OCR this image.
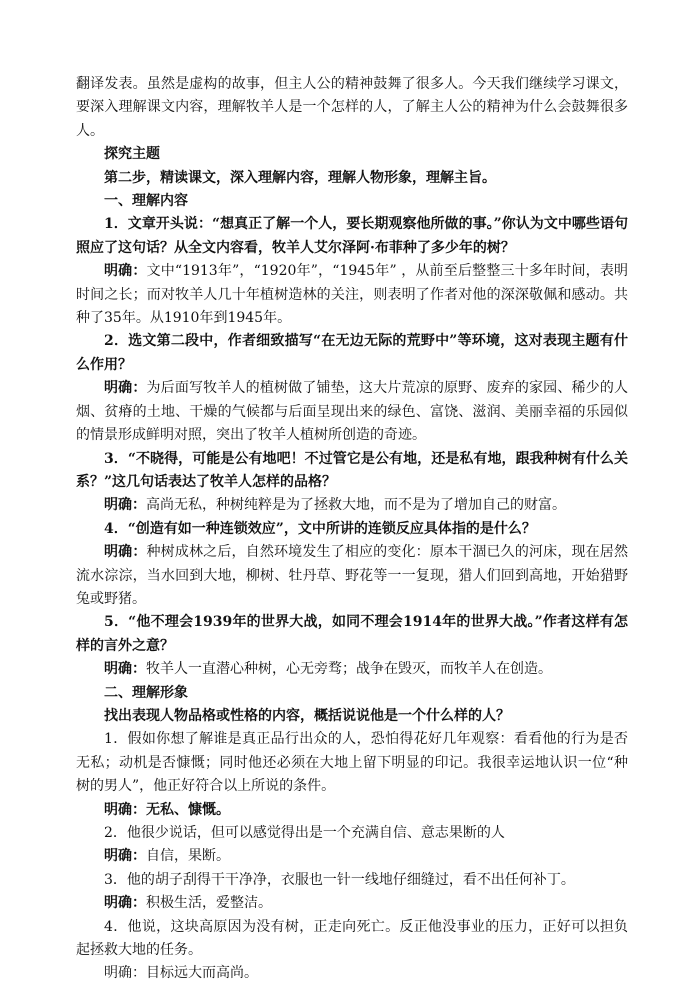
翻译发表。虽然是虚构的故事，但主人公的精神鼓舞了很多人。今天我们继续学习课文，要深入理解课文内容，理解牧羊人是一个怎样的人，了解主人公的精神为什么会鼓舞很多人。

探究主题

第二步，精读课文，深入理解内容，理解人物形象，理解主旨。

一、理解内容

1．文章开头说：“想真正了解一个人，要长期观察他所做的事。”你认为文中哪些语句照应了这句话？从全文内容看，牧羊人艾尔泽阿·布菲种了多少年的树？

明确：文中“1913年”，“1920年”，“1945年” ，从前至后整整三十多年时间，表明时间之长；而对牧羊人几十年植树造林的关注，则表明了作者对他的深深敬佩和感动。共种了35年。从1910年到1945年。

2．选文第二段中，作者细致描写“在无边无际的荒野中”等环境，这对表现主题有什么作用？

明确：为后面写牧羊人的植树做了铺垫，这大片荒凉的原野、废弃的家园、稀少的人烟、贫瘠的土地、干燥的气候都与后面呈现出来的绿色、富饶、滋润、美丽幸福的乐园似的情景形成鲜明对照，突出了牧羊人植树所创造的奇迹。

3．“不晓得，可能是公有地吧！不过管它是公有地，还是私有地，跟我种树有什么关系？”这几句话表达了牧羊人怎样的品格？

明确：高尚无私，种树纯粹是为了拯救大地，而不是为了增加自己的财富。

4．“创造有如一种连锁效应”，文中所讲的连锁反应具体指的是什么？

明确：种树成林之后，自然环境发生了相应的变化：原本干涸已久的河床，现在居然流水淙淙，当水回到大地，柳树、牡丹草、野花等一一复现，猎人们回到高地，开始猎野兔或野猪。

5．“他不理会1939年的世界大战，如同不理会1914年的世界大战。”作者这样有怎样的言外之意？

明确：牧羊人一直潜心种树，心无旁骛；战争在毁灭，而牧羊人在创造。

二、理解形象

找出表现人物品格或性格的内容，概括说说他是一个什么样的人？

1．假如你想了解谁是真正品行出众的人，恐怕得花好几年观察：看看他的行为是否无私；动机是否慷慨；同时他还必须在大地上留下明显的印记。我很幸运地认识一位“种树的男人”，他正好符合以上所说的条件。

明确：无私、慷慨。

2．他很少说话，但可以感觉得出是一个充满自信、意志果断的人

明确：自信，果断。

3．他的胡子刮得干干净净，衣服也一针一线地仔细缝过，看不出任何补丁。

明确：积极生活，爱整洁。

4．他说，这块高原因为没有树，正走向死亡。反正他没事业的压力，正好可以担负起拯救大地的任务。

明确：目标远大而高尚。
